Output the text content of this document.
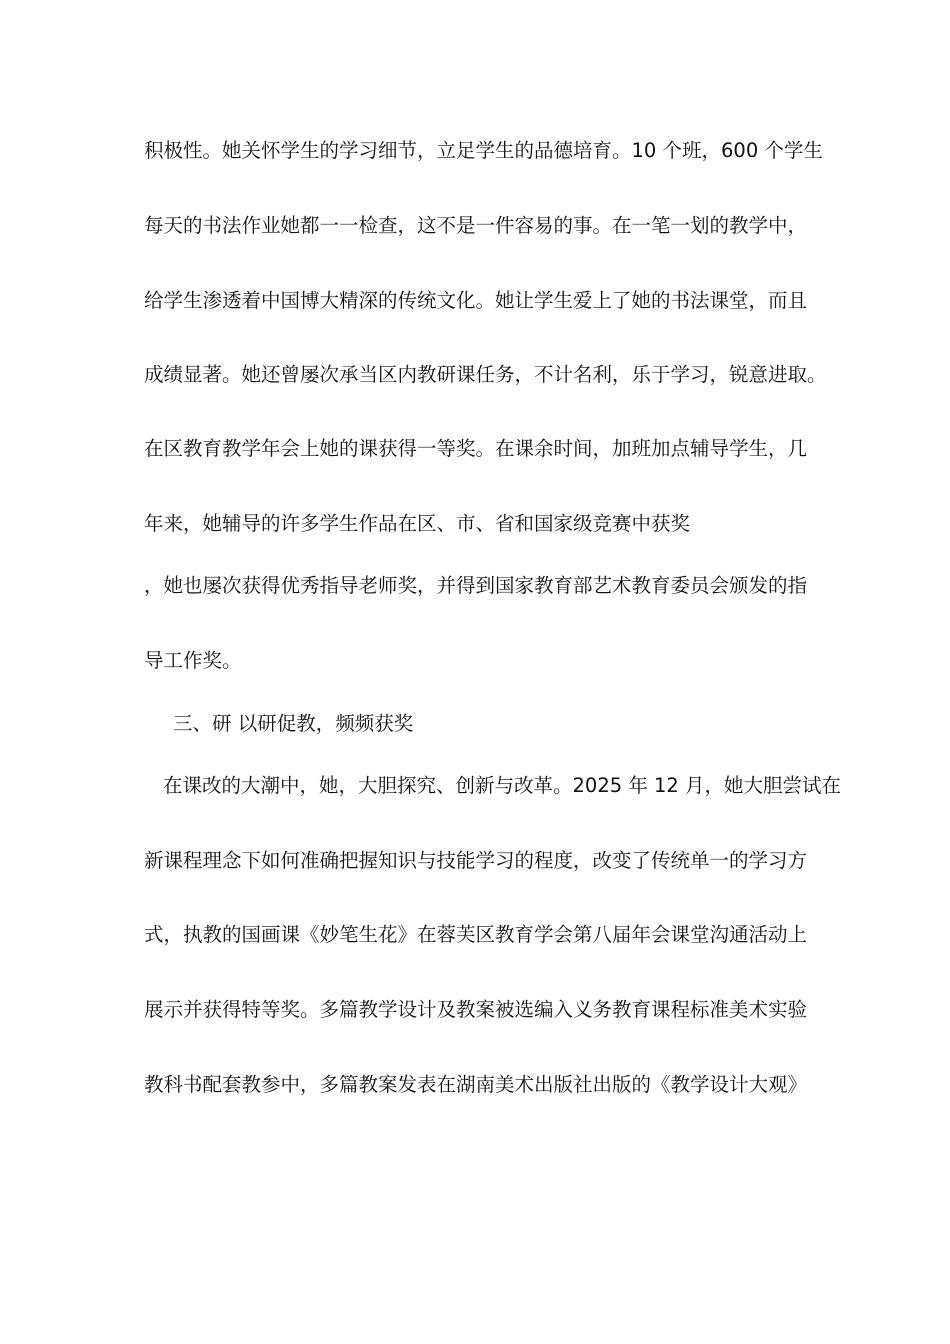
积极性。她关怀学生的学习细节，立足学生的品德培育。10 个班，600 个学生
每天的书法作业她都一一检查，这不是一件容易的事。在一笔一划的教学中，
给学生渗透着中国博大精深的传统文化。她让学生爱上了她的书法课堂，而且
成绩显著。她还曾屡次承当区内教研课任务，不计名利，乐于学习，锐意进取。
在区教育教学年会上她的课获得一等奖。在课余时间，加班加点辅导学生，几
年来，她辅导的许多学生作品在区、市、省和国家级竞赛中获奖
，她也屡次获得优秀指导老师奖，并得到国家教育部艺术教育委员会颁发的指
导工作奖。
三、研 以研促教，频频获奖
在课改的大潮中，她，大胆探究、创新与改革。2025 年 12 月，她大胆尝试在
新课程理念下如何准确把握知识与技能学习的程度，改变了传统单一的学习方
式，执教的国画课《妙笔生花》在蓉芙区教育学会第八届年会课堂沟通活动上
展示并获得特等奖。多篇教学设计及教案被选编入义务教育课程标准美术实验
教科书配套教参中，多篇教案发表在湖南美术出版社出版的《教学设计大观》
